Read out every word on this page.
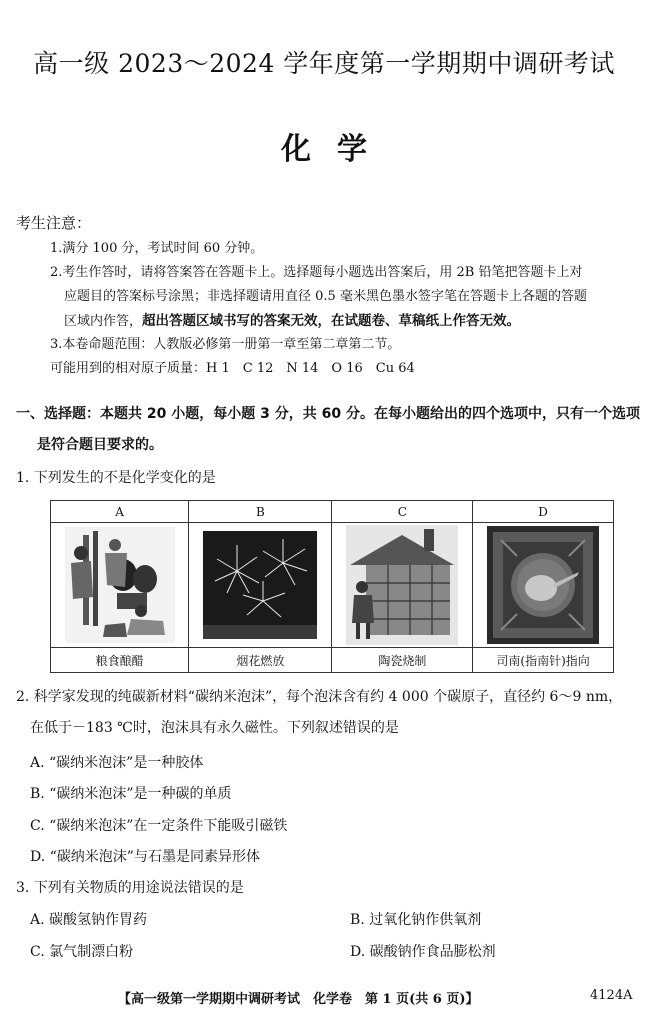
高一级 2023～2024 学年度第一学期期中调研考试
化学
考生注意：
1.满分 100 分，考试时间 60 分钟。
2.考生作答时，请将答案答在答题卡上。选择题每小题选出答案后，用 2B 铅笔把答题卡上对
应题目的答案标号涂黑；非选择题请用直径 0.5 毫米黑色墨水签字笔在答题卡上各题的答题
区域内作答，超出答题区域书写的答案无效，在试题卷、草稿纸上作答无效。
3.本卷命题范围：人教版必修第一册第一章至第二章第二节。
可能用到的相对原子质量：H 1　C 12　N 14　O 16　Cu 64
一、选择题：本题共 20 小题，每小题 3 分，共 60 分。在每小题给出的四个选项中，只有一个选项
是符合题目要求的。
1. 下列发生的不是化学变化的是
A	B	C	D

粮食酿醋	烟花燃放	陶瓷烧制	司南(指南针)指向
2. 科学家发现的纯碳新材料“碳纳米泡沫”，每个泡沫含有约 4 000 个碳原子，直径约 6～9 nm，
在低于－183 ℃时，泡沫具有永久磁性。下列叙述错误的是
A. “碳纳米泡沫”是一种胶体
B. “碳纳米泡沫”是一种碳的单质
C. “碳纳米泡沫”在一定条件下能吸引磁铁
D. “碳纳米泡沫”与石墨是同素异形体
3. 下列有关物质的用途说法错误的是
A. 碳酸氢钠作胃药	B. 过氧化钠作供氧剂
C. 氯气制漂白粉	D. 碳酸钠作食品膨松剂
【高一级第一学期期中调研考试　化学卷　第 1 页(共 6 页)】	4124A
